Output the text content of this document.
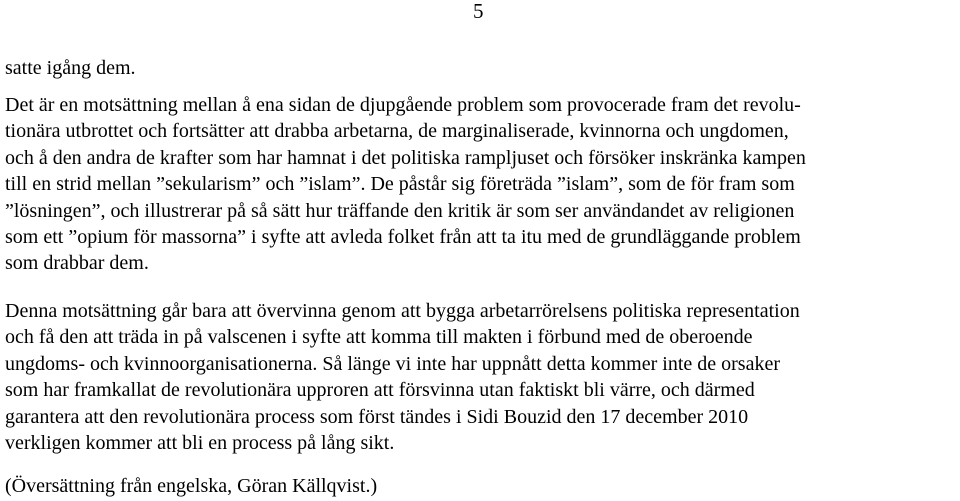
5

satte igång dem.

Det är en motsättning mellan å ena sidan de djupgående problem som provocerade fram det revolu-
tionära utbrottet och fortsätter att drabba arbetarna, de marginaliserade, kvinnorna och ungdomen,
och å den andra de krafter som har hamnat i det politiska rampljuset och försöker inskränka kampen
till en strid mellan ”sekularism” och ”islam”. De påstår sig företräda ”islam”, som de för fram som
”lösningen”, och illustrerar på så sätt hur träffande den kritik är som ser användandet av religionen
som ett ”opium för massorna” i syfte att avleda folket från att ta itu med de grundläggande problem
som drabbar dem.

Denna motsättning går bara att övervinna genom att bygga arbetarrörelsens politiska representation
och få den att träda in på valscenen i syfte att komma till makten i förbund med de oberoende
ungdoms- och kvinnoorganisationerna. Så länge vi inte har uppnått detta kommer inte de orsaker
som har framkallat de revolutionära upproren att försvinna utan faktiskt bli värre, och därmed
garantera att den revolutionära process som först tändes i Sidi Bouzid den 17 december 2010
verkligen kommer att bli en process på lång sikt.

(Översättning från engelska, Göran Källqvist.)
